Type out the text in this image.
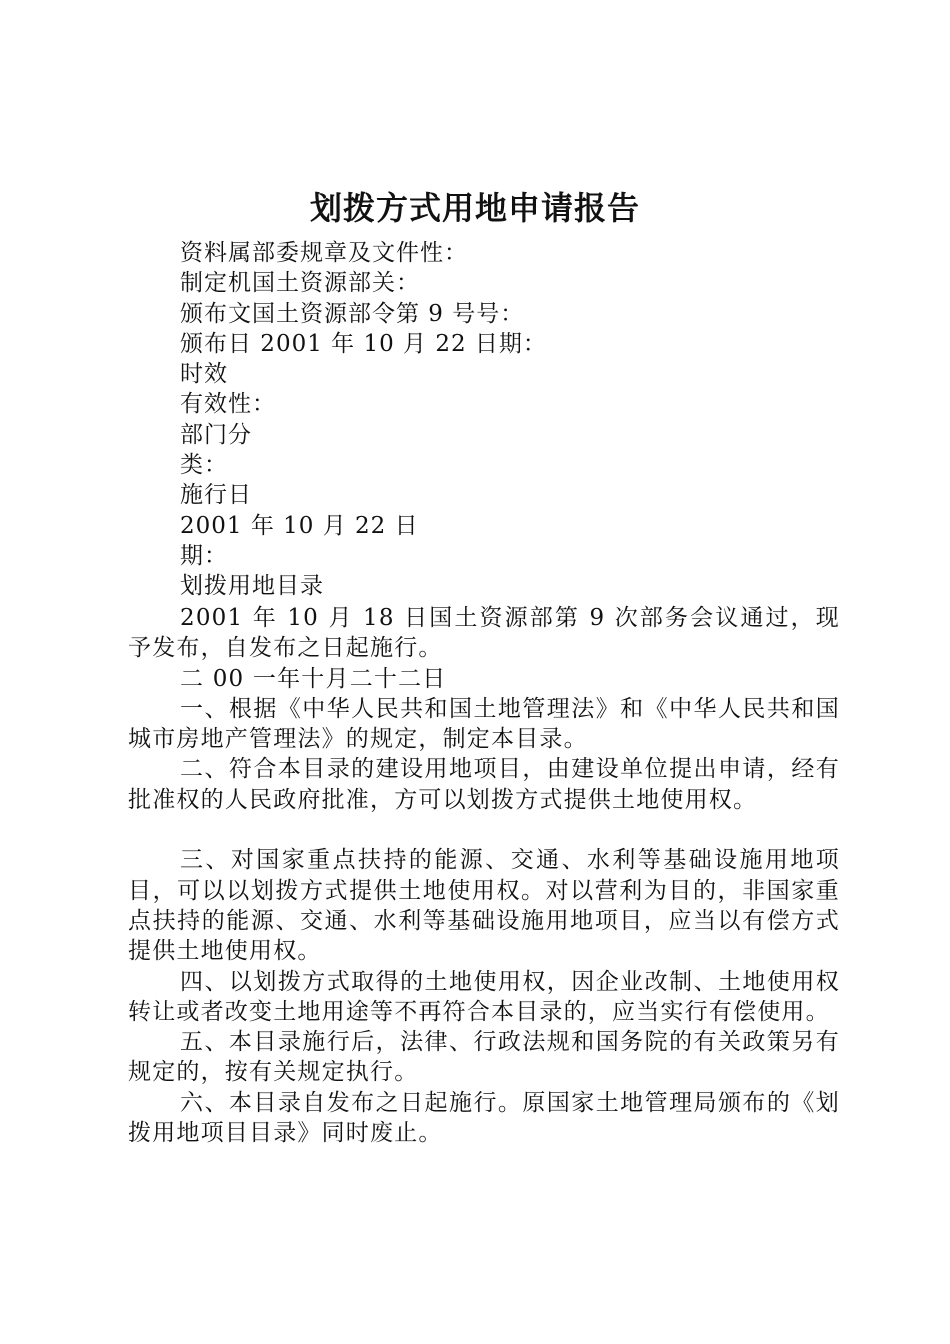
划拨方式用地申请报告
资料属部委规章及文件性：
制定机国土资源部关：
颁布文国土资源部令第 9 号号：
颁布日 2001 年 10 月 22 日期：
时效
有效性：
部门分
类：
施行日
2001 年 10 月 22 日
期：
划拨用地目录

2001 年 10 月 18 日国土资源部第 9 次部务会议通过，现予发布，自发布之日起施行。

二 00 一年十月二十二日

一、根据《中华人民共和国土地管理法》和《中华人民共和国城市房地产管理法》的规定，制定本目录。

二、符合本目录的建设用地项目，由建设单位提出申请，经有批准权的人民政府批准，方可以划拨方式提供土地使用权。

三、对国家重点扶持的能源、交通、水利等基础设施用地项目，可以以划拨方式提供土地使用权。对以营利为目的，非国家重点扶持的能源、交通、水利等基础设施用地项目，应当以有偿方式提供土地使用权。

四、以划拨方式取得的土地使用权，因企业改制、土地使用权转让或者改变土地用途等不再符合本目录的，应当实行有偿使用。

五、本目录施行后，法律、行政法规和国务院的有关政策另有规定的，按有关规定执行。

六、本目录自发布之日起施行。原国家土地管理局颁布的《划拨用地项目目录》同时废止。
